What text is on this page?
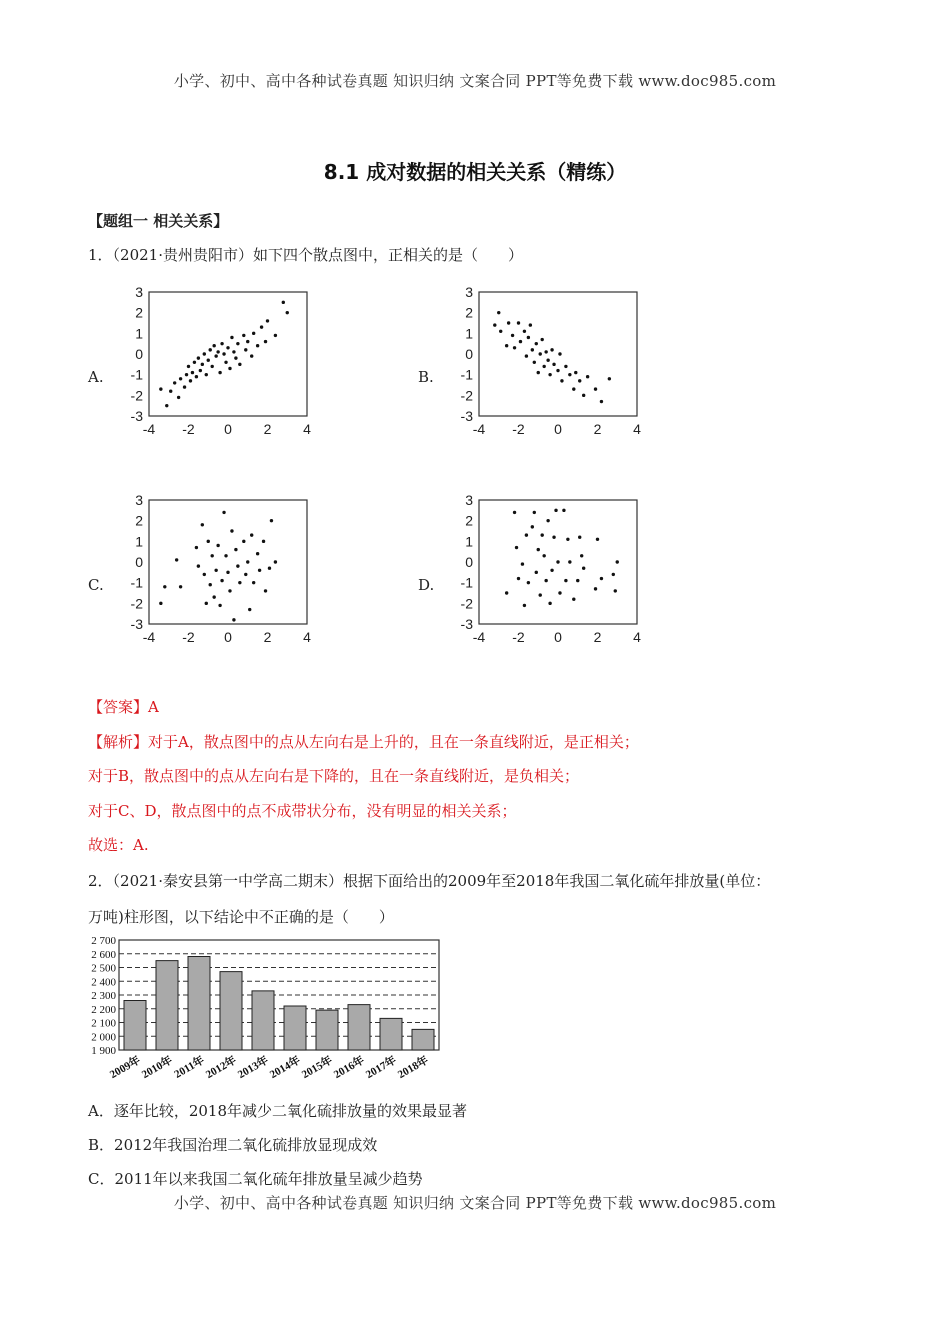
小学、初中、高中各种试卷真题 知识归纳 文案合同 PPT等免费下载 www.doc985.com
8.1 成对数据的相关关系（精练）
【题组一 相关关系】
1．（2021·贵州贵阳市）如下四个散点图中，正相关的是（　　）
A.	B.
C.	D.
3
2
1
0
-1
-2
-3
-4 -2 0 2 4
3
2
1
0
-1
-2
-3
-4 -2 0 2 4
3
2
1
0
-1
-2
-3
-4 -2 0 2 4
3
2
1
0
-1
-2
-3
-4 -2 0 2 4
【答案】A
【解析】对于A，散点图中的点从左向右是上升的，且在一条直线附近，是正相关；
对于B，散点图中的点从左向右是下降的，且在一条直线附近，是负相关；
对于C、D，散点图中的点不成带状分布，没有明显的相关关系；
故选：A.
2．（2021·秦安县第一中学高二期末）根据下面给出的2009年至2018年我国二氧化硫年排放量(单位：
万吨)柱形图，以下结论中不正确的是（　　）
2 700
2 600
2 500
2 400
2 300
2 200
2 100
2 000
1 900
2009年
2010年
2011年
2012年
2013年
2014年
2015年
2016年
2017年
2018年
A．逐年比较，2018年减少二氧化硫排放量的效果最显著
B．2012年我国治理二氧化硫排放显现成效
C．2011年以来我国二氧化硫年排放量呈减少趋势
小学、初中、高中各种试卷真题 知识归纳 文案合同 PPT等免费下载 www.doc985.com
